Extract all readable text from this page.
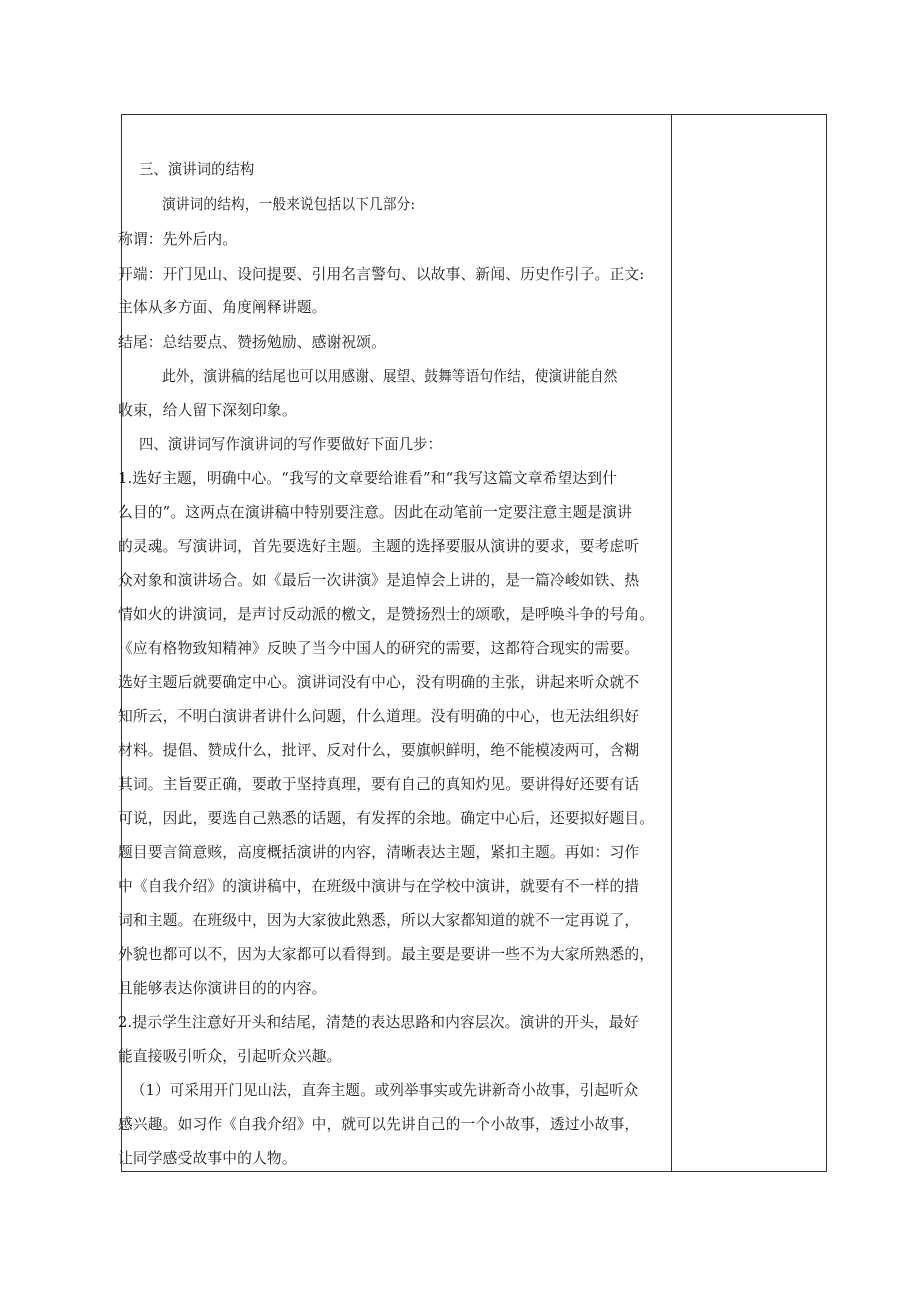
三、演讲词的结构
演讲词的结构，一般来说包括以下几部分:
称谓：先外后内。
开端：开门见山、设问提要、引用名言警句、以故事、新闻、历史作引子。正文:
主体从多方面、角度阐释讲题。
结尾：总结要点、赞扬勉励、感谢祝颂。
此外，演讲稿的结尾也可以用感谢、展望、鼓舞等语句作结，使演讲能自然
收束，给人留下深刻印象。
四、演讲词写作演讲词的写作要做好下面几步：
1.选好主题，明确中心。“我写的文章要给谁看”和“我写这篇文章希望达到什
么目的”。这两点在演讲稿中特别要注意。因此在动笔前一定要注意主题是演讲
的灵魂。写演讲词，首先要选好主题。主题的选择要服从演讲的要求，要考虑听
众对象和演讲场合。如《最后一次讲演》是追悼会上讲的，是一篇冷峻如铁、热
情如火的讲演词，是声讨反动派的檄文，是赞扬烈士的颂歌，是呼唤斗争的号角。
《应有格物致知精神》反映了当今中国人的研究的需要，这都符合现实的需要。
选好主题后就要确定中心。演讲词没有中心，没有明确的主张，讲起来听众就不
知所云，不明白演讲者讲什么问题，什么道理。没有明确的中心，也无法组织好
材料。提倡、赞成什么，批评、反对什么，要旗帜鲜明，绝不能模凌两可，含糊
其词。主旨要正确，要敢于坚持真理，要有自己的真知灼见。要讲得好还要有话
可说，因此，要选自己熟悉的话题，有发挥的余地。确定中心后，还要拟好题目。
题目要言简意赅，高度概括演讲的内容，清晰表达主题，紧扣主题。再如：习作
中《自我介绍》的演讲稿中，在班级中演讲与在学校中演讲，就要有不一样的措
词和主题。在班级中，因为大家彼此熟悉，所以大家都知道的就不一定再说了，
外貌也都可以不，因为大家都可以看得到。最主要是要讲一些不为大家所熟悉的，
且能够表达你演讲目的的内容。
2.提示学生注意好开头和结尾，清楚的表达思路和内容层次。演讲的开头，最好
能直接吸引听众，引起听众兴趣。
（1）可采用开门见山法，直奔主题。或列举事实或先讲新奇小故事，引起听众
感兴趣。如习作《自我介绍》中，就可以先讲自己的一个小故事，透过小故事，
让同学感受故事中的人物。
